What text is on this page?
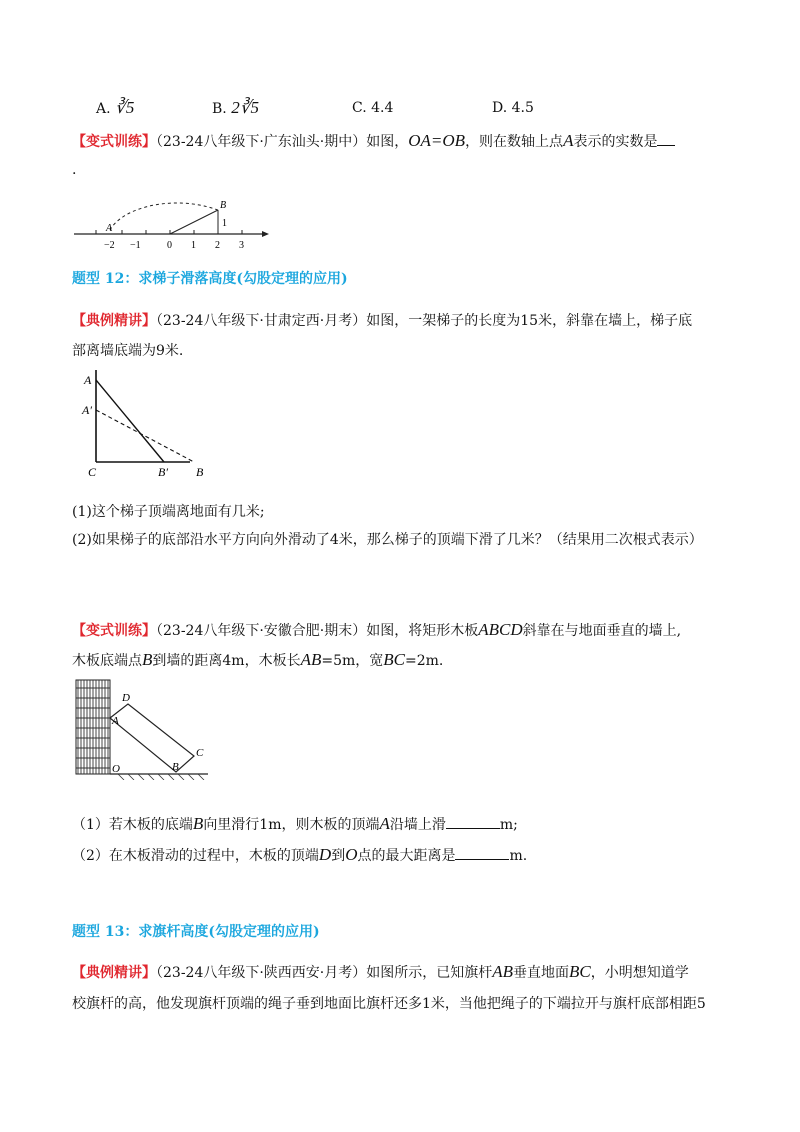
A. ∛5	B. 2∛5	C. 4.4	D. 4.5
【变式训练】（23-24八年级下·广东汕头·期中）如图，OA=OB，则在数轴上点A表示的实数是
.
−2 −1	0 1 2 3
A
B
1
题型 12：求梯子滑落高度(勾股定理的应用)
【典例精讲】（23-24八年级下·甘肃定西·月考）如图，一架梯子的长度为15米，斜靠在墙上，梯子底
部离墙底端为9米.
A
A′
C	B′ B
(1)这个梯子顶端离地面有几米;
(2)如果梯子的底部沿水平方向向外滑动了4米，那么梯子的顶端下滑了几米？（结果用二次根式表示）
【变式训练】（23-24八年级下·安徽合肥·期末）如图，将矩形木板ABCD斜靠在与地面垂直的墙上,
木板底端点B到墙的距离4m，木板长AB=5m，宽BC=2m.
D
A
C
O	B
（1）若木板的底端B向里滑行1m，则木板的顶端A沿墙上滑	m;
（2）在木板滑动的过程中，木板的顶端D到O点的最大距离是	m.
题型 13：求旗杆高度(勾股定理的应用)
【典例精讲】（23-24八年级下·陕西西安·月考）如图所示，已知旗杆AB垂直地面BC，小明想知道学
校旗杆的高，他发现旗杆顶端的绳子垂到地面比旗杆还多1米，当他把绳子的下端拉开与旗杆底部相距5
